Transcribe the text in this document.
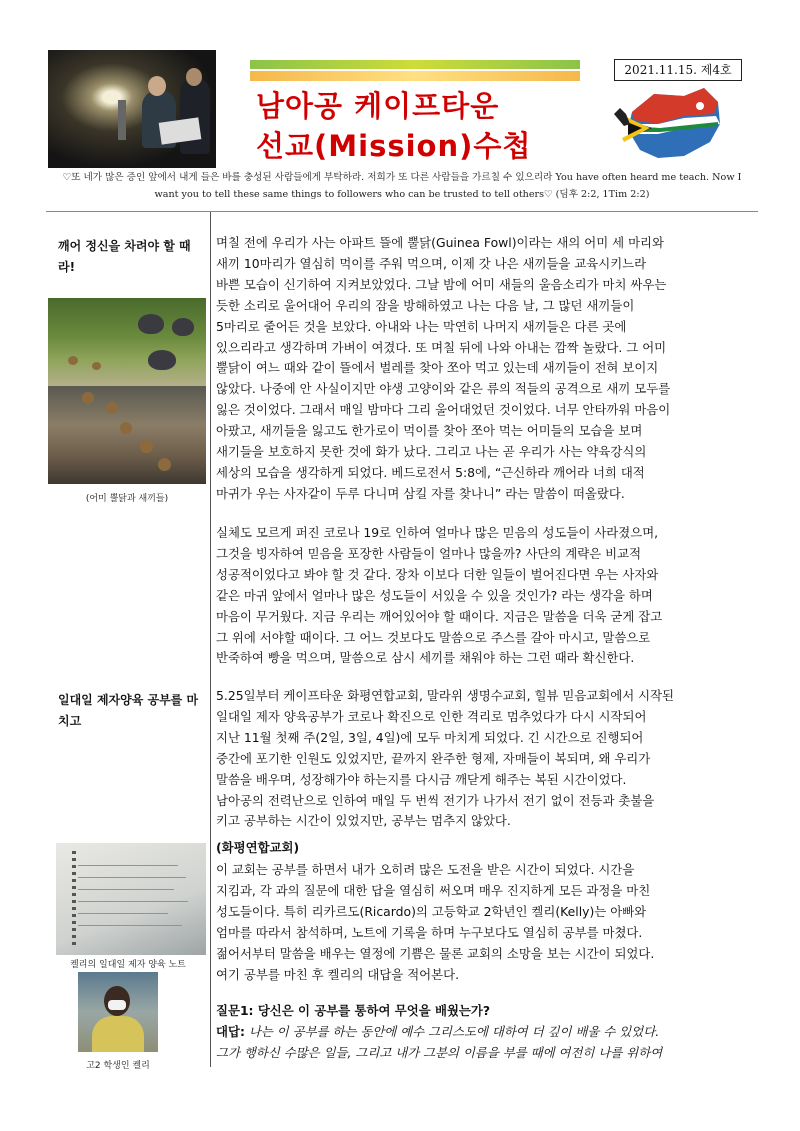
남아공 케이프타운
선교(Mission)수첩
2021.11.15. 제4호
♡또 네가 많은 증인 앞에서 내게 들은 바를 충성된 사람들에게 부탁하라. 저희가 또 다른 사람들을 가르칠 수 있으리라 You have often heard me teach. Now I want you to tell these same things to followers who can be trusted to tell others♡ (딤후 2:2, 1Tim 2:2)
깨어 정신을 차려야 할 때라!
(어미 뿔닭과 새끼들)
일대일 제자양육 공부를 마치고
켈리의 일대일 제자 양육 노트
고2 학생인 켈리

며칠 전에 우리가 사는 아파트 뜰에 뿔닭(Guinea Fowl)이라는 새의 어미 세 마리와

새끼 10마리가 열심히 먹이를 주워 먹으며, 이제 갓 나은 새끼들을 교육시키느라

바쁜 모습이 신기하여 지켜보았었다. 그날 밤에 어미 새들의 울음소리가 마치 싸우는

듯한 소리로 울어대어 우리의 잠을 방해하였고 나는 다음 날, 그 많던 새끼들이

5마리로 줄어든 것을 보았다. 아내와 나는 막연히 나머지 새끼들은 다른 곳에

있으리라고 생각하며 가벼이 여겼다. 또 며칠 뒤에 나와 아내는 깜짝 놀랐다. 그 어미

뿔닭이 여느 때와 같이 뜰에서 벌레를 찾아 쪼아 먹고 있는데 새끼들이 전혀 보이지

않았다. 나중에 안 사실이지만 야생 고양이와 같은 류의 적들의 공격으로 새끼 모두를

잃은 것이었다. 그래서 매일 밤마다 그리 울어대었던 것이었다. 너무 안타까워 마음이

아팠고, 새끼들을 잃고도 한가로이 먹이를 찾아 쪼아 먹는 어미들의 모습을 보며

새기들을 보호하지 못한 것에 화가 났다. 그리고 나는 곧 우리가 사는 약육강식의

세상의 모습을 생각하게 되었다. 베드로전서 5:8에, “근신하라 깨어라 너희 대적

마귀가 우는 사자같이 두루 다니며 삼킬 자를 찾나니” 라는 말씀이 떠올랐다.

실체도 모르게 퍼진 코로나 19로 인하여 얼마나 많은 믿음의 성도들이 사라졌으며,

그것을 빙자하여 믿음을 포장한 사람들이 얼마나 많을까? 사단의 계략은 비교적

성공적이었다고 봐야 할 것 같다. 장차 이보다 더한 일들이 벌어진다면 우는 사자와

같은 마귀 앞에서 얼마나 많은 성도들이 서있을 수 있을 것인가? 라는 생각을 하며

마음이 무거웠다. 지금 우리는 깨어있어야 할 때이다. 지금은 말씀을 더욱 굳게 잡고

그 위에 서야할 때이다. 그 어느 것보다도 말씀으로 주스를 갈아 마시고, 말씀으로

반죽하여 빵을 먹으며, 말씀으로 삼시 세끼를 채워야 하는 그런 때라 확신한다.

5.25일부터 케이프타운 화평연합교회, 말라위 생명수교회, 힐뷰 믿음교회에서 시작된

일대일 제자 양육공부가 코로나 확진으로 인한 격리로 멈추었다가 다시 시작되어

지난 11월 첫째 주(2일, 3일, 4일)에 모두 마치게 되었다. 긴 시간으로 진행되어

중간에 포기한 인원도 있었지만, 끝까지 완주한 형제, 자매들이 복되며, 왜 우리가

말씀을 배우며, 성장해가야 하는지를 다시금 깨닫게 해주는 복된 시간이었다.

남아공의 전력난으로 인하여 매일 두 번씩 전기가 나가서 전기 없이 전등과 촛불을

키고 공부하는 시간이 있었지만, 공부는 멈추지 않았다.

(화평연합교회)

이 교회는 공부를 하면서 내가 오히려 많은 도전을 받은 시간이 되었다. 시간을

지킴과, 각 과의 질문에 대한 답을 열심히 써오며 매우 진지하게 모든 과정을 마친

성도들이다. 특히 리카르도(Ricardo)의 고등학교 2학년인 켈리(Kelly)는 아빠와

엄마를 따라서 참석하며, 노트에 기록을 하며 누구보다도 열심히 공부를 마쳤다.

젊어서부터 말씀을 배우는 열정에 기쁨은 물론 교회의 소망을 보는 시간이 되었다.

여기 공부를 마친 후 켈리의 대답을 적어본다.

질문1: 당신은 이 공부를 통하여 무엇을 배웠는가?

대답: 나는 이 공부를 하는 동안에 예수 그리스도에 대하여 더 깊이 배울 수 있었다.

그가 행하신 수많은 일들, 그리고 내가 그분의 이름을 부를 때에 여전히 나를 위하여
